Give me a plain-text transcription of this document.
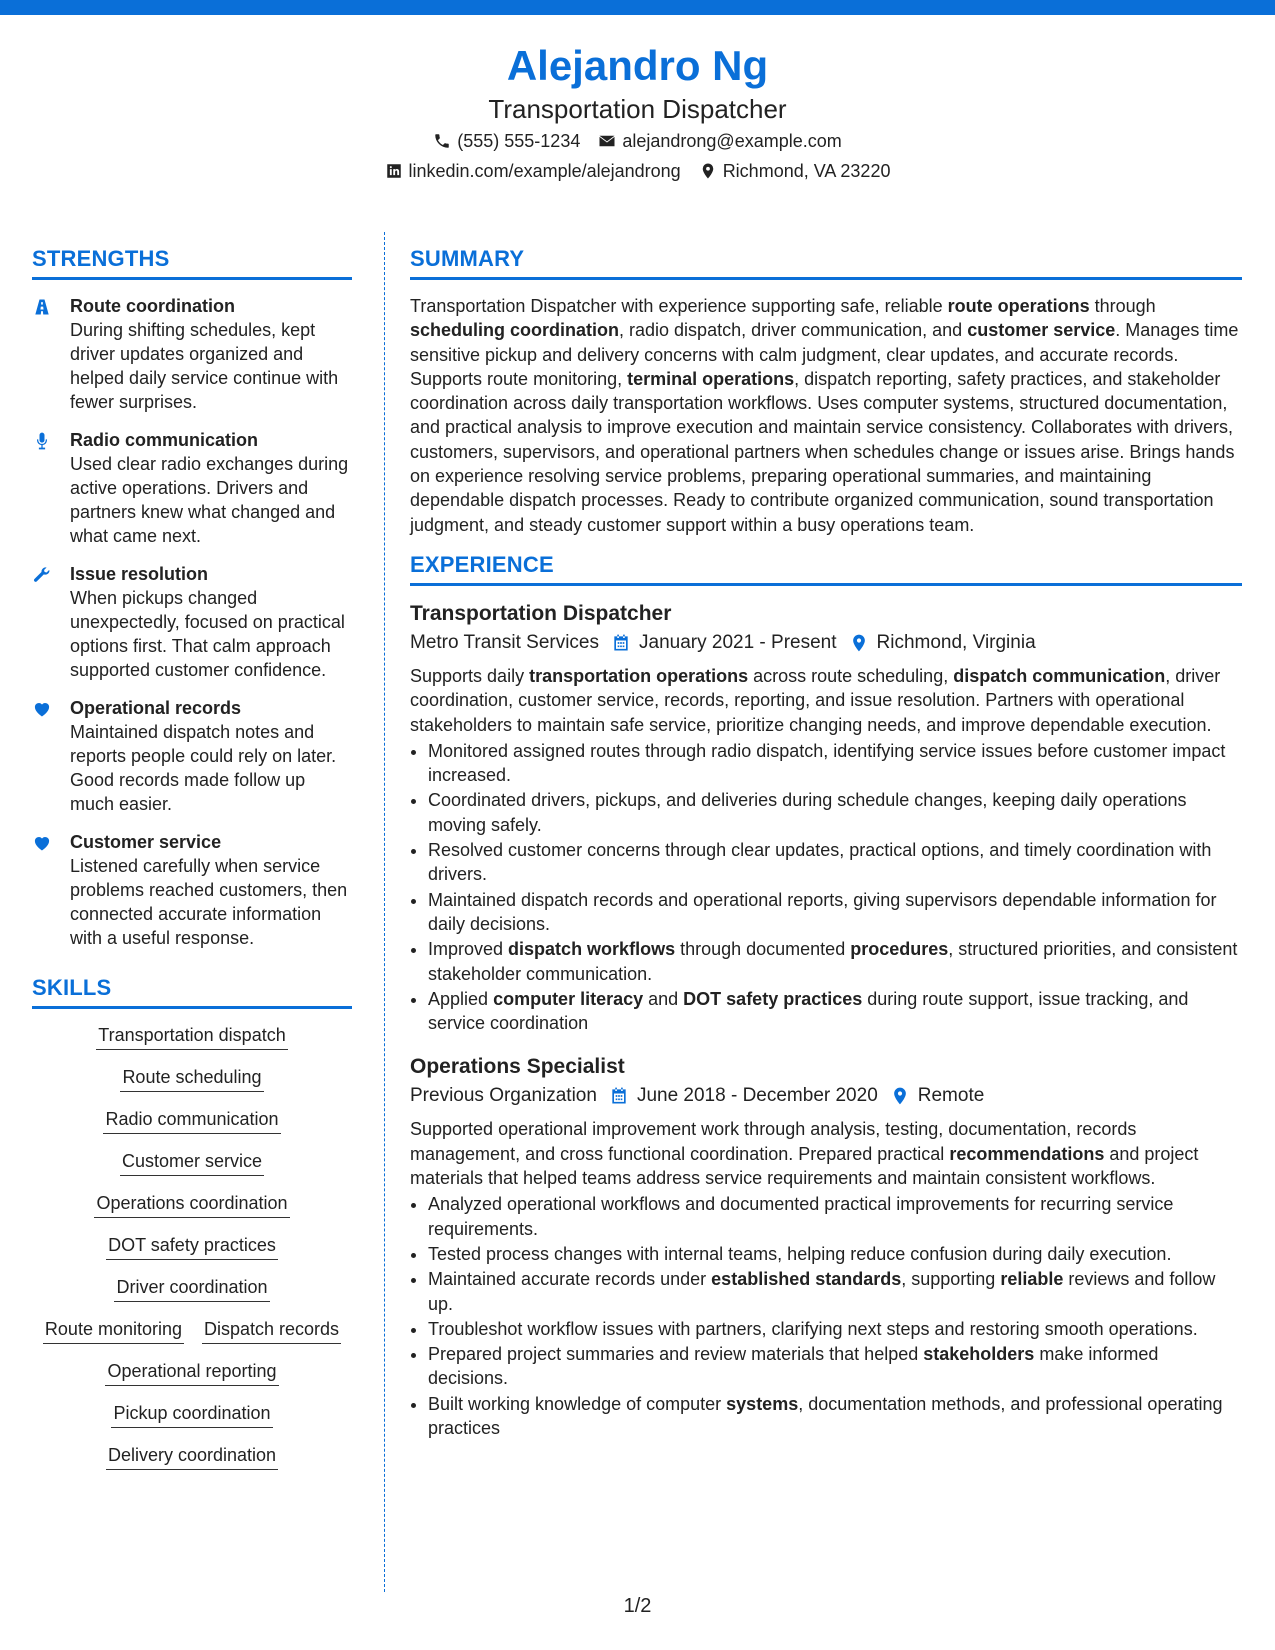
Alejandro Ng
Transportation Dispatcher
(555) 555-1234 alejandrong@example.com
linkedin.com/example/alejandrong Richmond, VA 23220
STRENGTHS
Route coordination
During shifting schedules, kept driver updates organized and helped daily service continue with fewer surprises.
Radio communication
Used clear radio exchanges during active operations. Drivers and partners knew what changed and what came next.
Issue resolution
When pickups changed unexpectedly, focused on practical options first. That calm approach supported customer confidence.
Operational records
Maintained dispatch notes and reports people could rely on later. Good records made follow up much easier.
Customer service
Listened carefully when service problems reached customers, then connected accurate information with a useful response.
SKILLS
Transportation dispatch
Route scheduling
Radio communication
Customer service
Operations coordination
DOT safety practices
Driver coordination
Route monitoring Dispatch records
Operational reporting
Pickup coordination
Delivery coordination
SUMMARY
Transportation Dispatcher with experience supporting safe, reliable route operations through scheduling coordination, radio dispatch, driver communication, and customer service. Manages time sensitive pickup and delivery concerns with calm judgment, clear updates, and accurate records. Supports route monitoring, terminal operations, dispatch reporting, safety practices, and stakeholder coordination across daily transportation workflows. Uses computer systems, structured documentation, and practical analysis to improve execution and maintain service consistency. Collaborates with drivers, customers, supervisors, and operational partners when schedules change or issues arise. Brings hands on experience resolving service problems, preparing operational summaries, and maintaining dependable dispatch processes. Ready to contribute organized communication, sound transportation judgment, and steady customer support within a busy operations team.
EXPERIENCE
Transportation Dispatcher
Metro Transit Services January 2021 - Present Richmond, Virginia
Supports daily transportation operations across route scheduling, dispatch communication, driver coordination, customer service, records, reporting, and issue resolution. Partners with operational stakeholders to maintain safe service, prioritize changing needs, and improve dependable execution.
• Monitored assigned routes through radio dispatch, identifying service issues before customer impact increased.
• Coordinated drivers, pickups, and deliveries during schedule changes, keeping daily operations moving safely.
• Resolved customer concerns through clear updates, practical options, and timely coordination with drivers.
• Maintained dispatch records and operational reports, giving supervisors dependable information for daily decisions.
• Improved dispatch workflows through documented procedures, structured priorities, and consistent stakeholder communication.
• Applied computer literacy and DOT safety practices during route support, issue tracking, and service coordination
Operations Specialist
Previous Organization June 2018 - December 2020 Remote
Supported operational improvement work through analysis, testing, documentation, records management, and cross functional coordination. Prepared practical recommendations and project materials that helped teams address service requirements and maintain consistent workflows.
• Analyzed operational workflows and documented practical improvements for recurring service requirements.
• Tested process changes with internal teams, helping reduce confusion during daily execution.
• Maintained accurate records under established standards, supporting reliable reviews and follow up.
• Troubleshot workflow issues with partners, clarifying next steps and restoring smooth operations.
• Prepared project summaries and review materials that helped stakeholders make informed decisions.
• Built working knowledge of computer systems, documentation methods, and professional operating practices
1/2
